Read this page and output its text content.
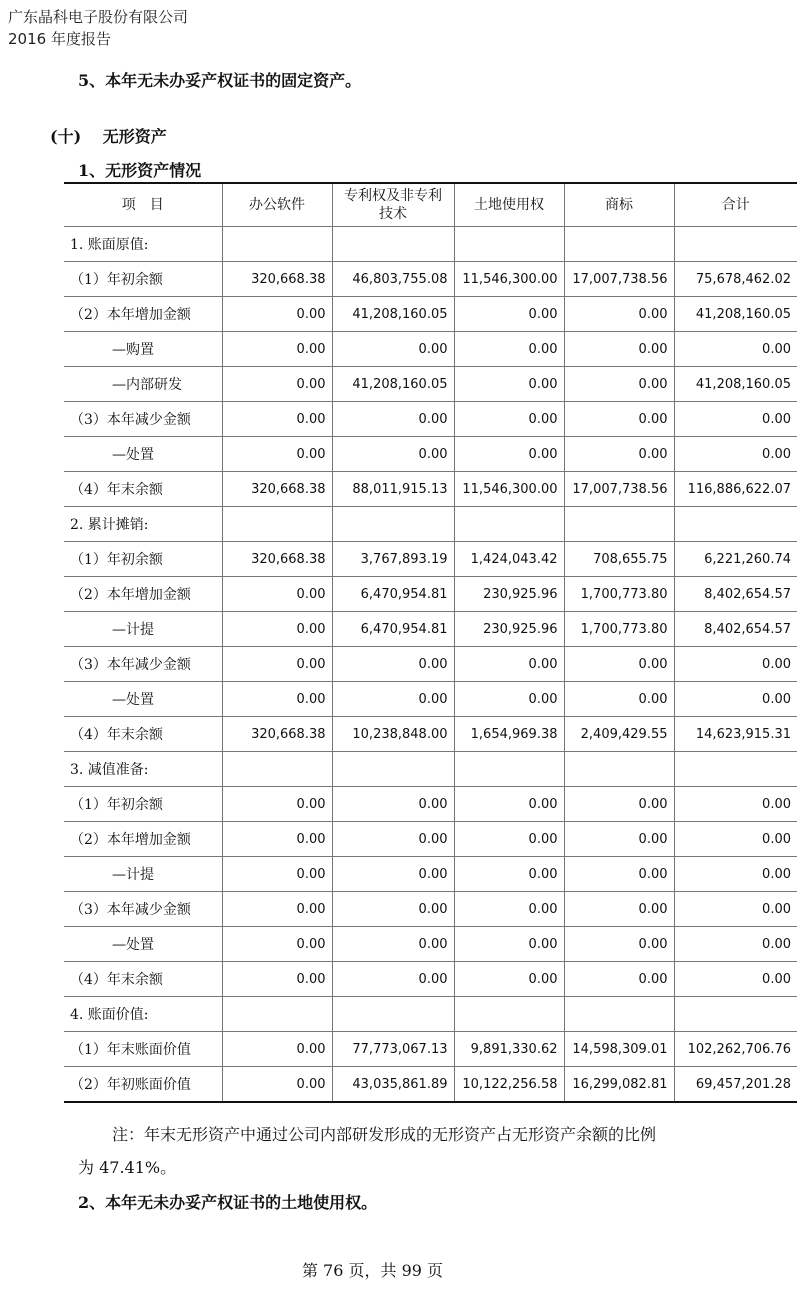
广东晶科电子股份有限公司
2016 年度报告
5、本年无未办妥产权证书的固定资产。
(十) 无形资产
1、无形资产情况
项　目	办公软件	专利权及非专利技术	土地使用权	商标	合计
1. 账面原值:					
（1）年初余额	320,668.38	46,803,755.08	11,546,300.00	17,007,738.56	75,678,462.02
（2）本年增加金额	0.00	41,208,160.05	0.00	0.00	41,208,160.05
—购置	0.00	0.00	0.00	0.00	0.00
—内部研发	0.00	41,208,160.05	0.00	0.00	41,208,160.05
（3）本年减少金额	0.00	0.00	0.00	0.00	0.00
—处置	0.00	0.00	0.00	0.00	0.00
（4）年末余额	320,668.38	88,011,915.13	11,546,300.00	17,007,738.56	116,886,622.07
2. 累计摊销:					
（1）年初余额	320,668.38	3,767,893.19	1,424,043.42	708,655.75	6,221,260.74
（2）本年增加金额	0.00	6,470,954.81	230,925.96	1,700,773.80	8,402,654.57
—计提	0.00	6,470,954.81	230,925.96	1,700,773.80	8,402,654.57
（3）本年减少金额	0.00	0.00	0.00	0.00	0.00
—处置	0.00	0.00	0.00	0.00	0.00
（4）年末余额	320,668.38	10,238,848.00	1,654,969.38	2,409,429.55	14,623,915.31
3. 减值准备:					
（1）年初余额	0.00	0.00	0.00	0.00	0.00
（2）本年增加金额	0.00	0.00	0.00	0.00	0.00
—计提	0.00	0.00	0.00	0.00	0.00
（3）本年减少金额	0.00	0.00	0.00	0.00	0.00
—处置	0.00	0.00	0.00	0.00	0.00
（4）年末余额	0.00	0.00	0.00	0.00	0.00
4. 账面价值:					
（1）年末账面价值	0.00	77,773,067.13	9,891,330.62	14,598,309.01	102,262,706.76
（2）年初账面价值	0.00	43,035,861.89	10,122,256.58	16,299,082.81	69,457,201.28
注：年末无形资产中通过公司内部研发形成的无形资产占无形资产余额的比例
为 47.41%。
2、本年无未办妥产权证书的土地使用权。
第 76 页，共 99 页
